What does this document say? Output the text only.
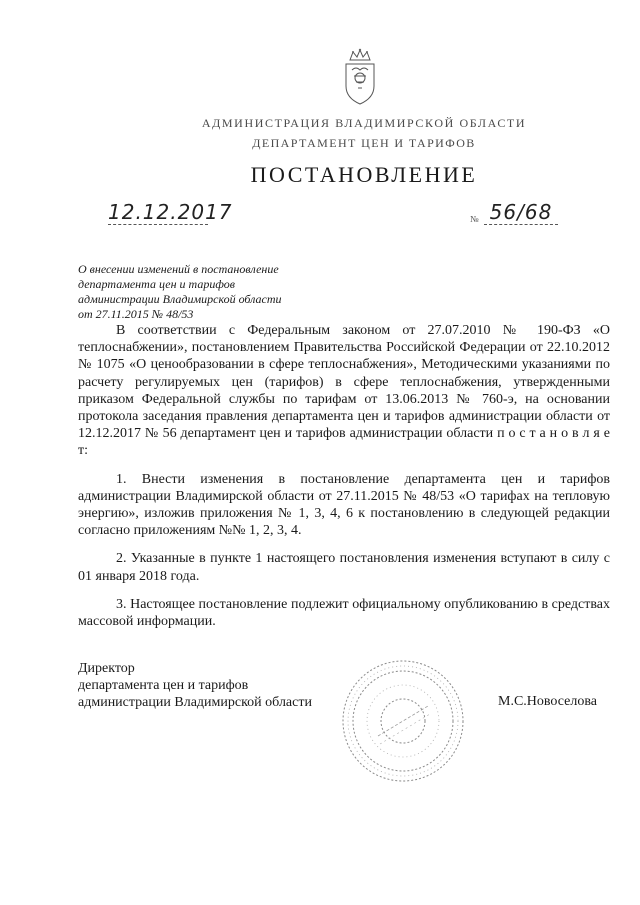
АДМИНИСТРАЦИЯ ВЛАДИМИРСКОЙ ОБЛАСТИ
ДЕПАРТАМЕНТ ЦЕН И ТАРИФОВ
ПОСТАНОВЛЕНИЕ
12.12.2017	№ 56/68
О внесении изменений в постановление
департамента цен и тарифов
администрации Владимирской области
от 27.11.2015 № 48/53

В соответствии с Федеральным законом от 27.07.2010 № 190-ФЗ «О теплоснабжении», постановлением Правительства Российской Федерации от 22.10.2012 № 1075 «О ценообразовании в сфере теплоснабжения», Методическими указаниями по расчету регулируемых цен (тарифов) в сфере теплоснабжения, утвержденными приказом Федеральной службы по тарифам от 13.06.2013 № 760-э, на основании протокола заседания правления департамента цен и тарифов администрации области от 12.12.2017 № 56 департамент цен и тарифов администрации области п о с т а н о в л я е т:

1. Внести изменения в постановление департамента цен и тарифов администрации Владимирской области от 27.11.2015 № 48/53 «О тарифах на тепловую энергию», изложив приложения № 1, 3, 4, 6 к постановлению в следующей редакции согласно приложениям №№ 1, 2, 3, 4.

2. Указанные в пункте 1 настоящего постановления изменения вступают в силу с 01 января 2018 года.

3. Настоящее постановление подлежит официальному опубликованию в средствах массовой информации.

Директор
департамента цен и тарифов
администрации Владимирской области	М.С.Новоселова
